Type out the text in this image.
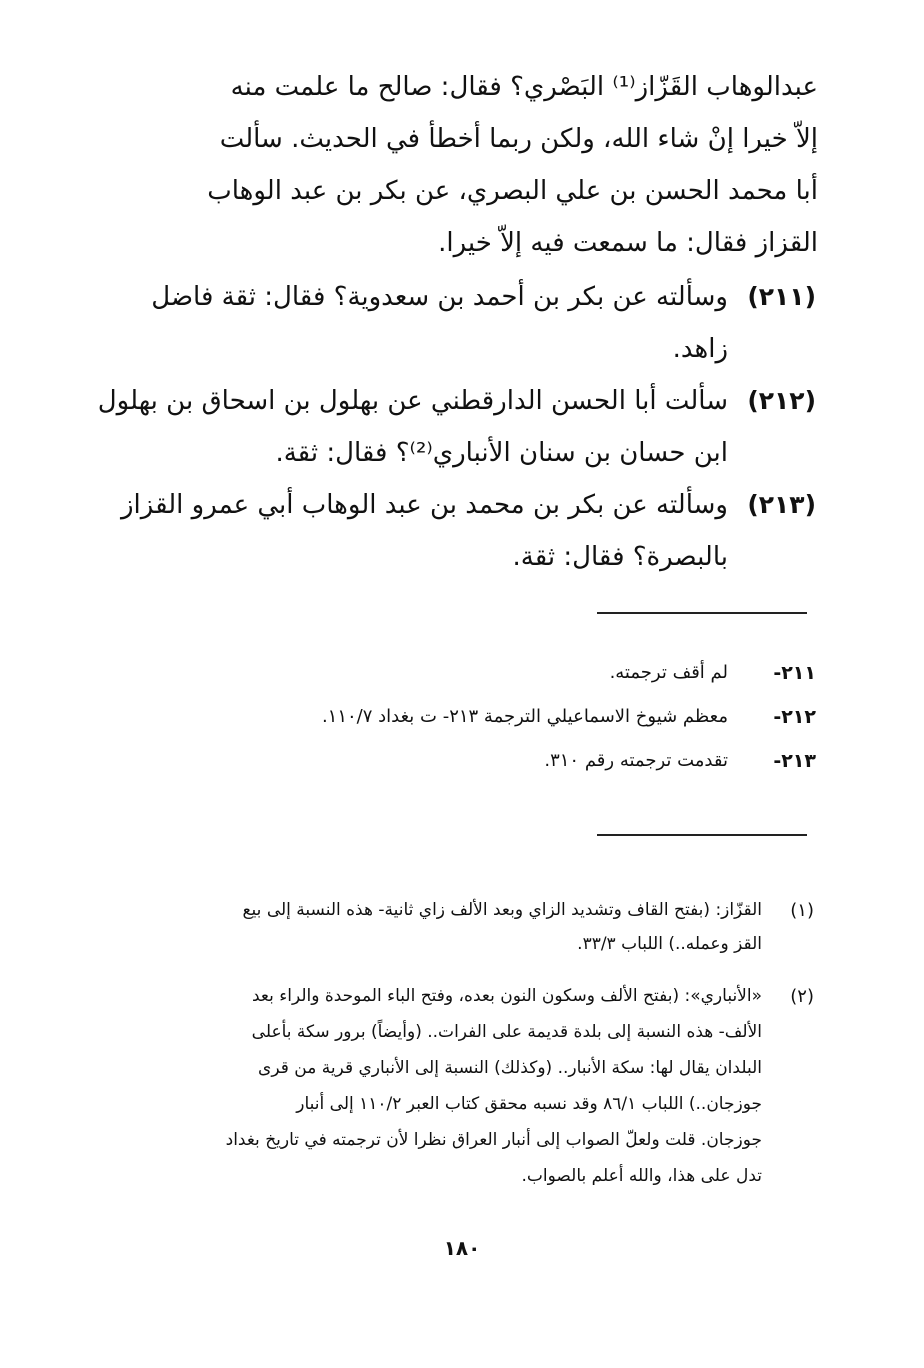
عبدالوهاب القَزّاز⁽¹⁾ البَصْري؟ فقال: صالح ما علمت منه
إلاّ خيرا إنْ شاء الله، ولكن ربما أخطأ في الحديث. سألت
أبا محمد الحسن بن علي البصري، عن بكر بن عبد الوهاب
القزاز فقال: ما سمعت فيه إلاّ خيرا.
(٢١١)
وسألته عن بكر بن أحمد بن سعدوية؟ فقال: ثقة فاضل
زاهد.
(٢١٢)
سألت أبا الحسن الدارقطني عن بهلول بن اسحاق بن بهلول
ابن حسان بن سنان الأنباري⁽²⁾؟ فقال: ثقة.
(٢١٣)
وسألته عن بكر بن محمد بن عبد الوهاب أبي عمرو القزاز
بالبصرة؟ فقال: ثقة.
٢١١-
لم أقف ترجمته.
٢١٢-
معظم شيوخ الاسماعيلي الترجمة ٢١٣- ت بغداد ١١٠/٧.
٢١٣-
تقدمت ترجمته رقم ٣١٠.
(١)
القزّاز: (بفتح القاف وتشديد الزاي وبعد الألف زاي ثانية- هذه النسبة إلى بيع
القز وعمله..) اللباب ٣٣/٣.
(٢)
«الأنباري»: (بفتح الألف وسكون النون بعده، وفتح الباء الموحدة والراء بعد
الألف- هذه النسبة إلى بلدة قديمة على الفرات.. (وأيضاً) برور سكة بأعلى
البلدان يقال لها: سكة الأنبار.. (وكذلك) النسبة إلى الأنباري قرية من قرى
جوزجان..) اللباب ٨٦/١ وقد نسبه محقق كتاب العبر ١١٠/٢ إلى أنبار
جوزجان. قلت ولعلّ الصواب إلى أنبار العراق نظرا لأن ترجمته في تاريخ بغداد
تدل على هذا، والله أعلم بالصواب.
١٨٠
